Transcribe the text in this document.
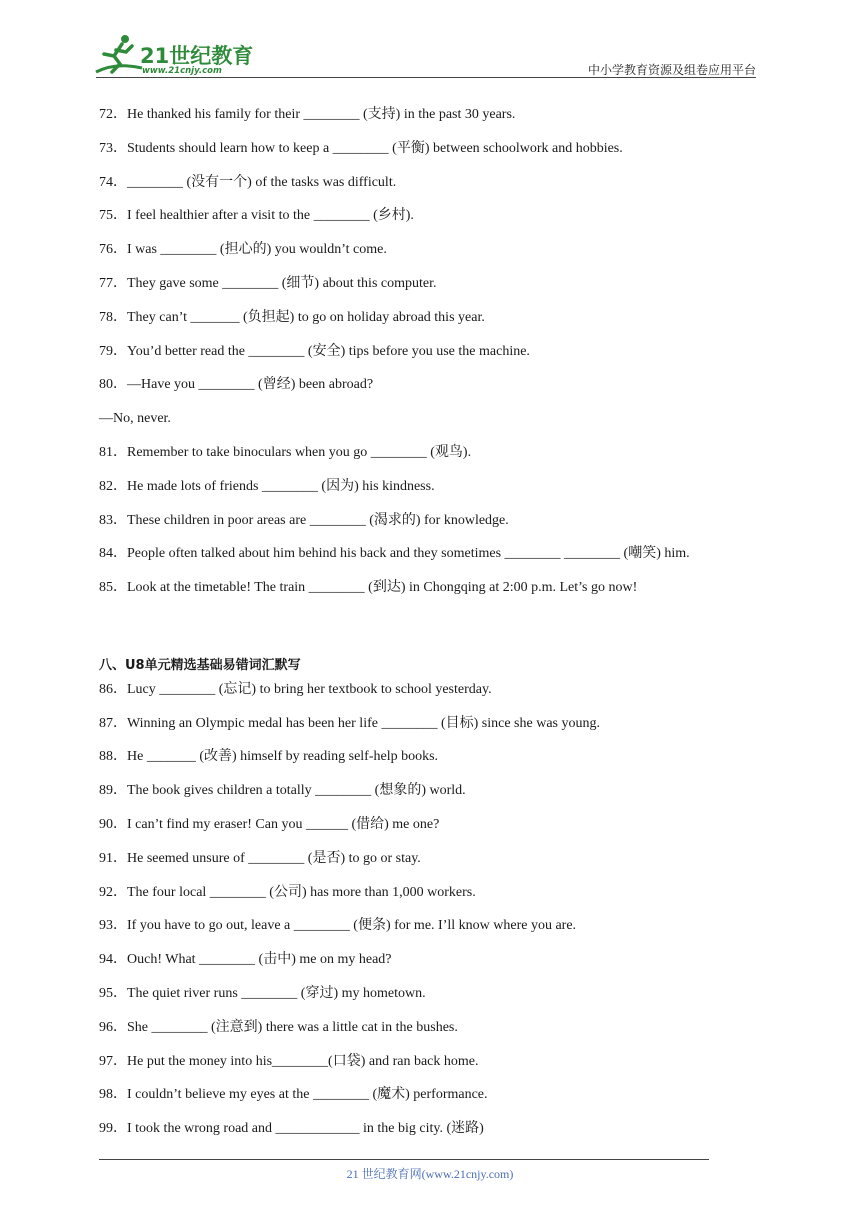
21世纪教育
www.21cnjy.com	中小学教育资源及组卷应用平台
72．He thanked his family for their ________ (支持) in the past 30 years.
73．Students should learn how to keep a ________ (平衡) between schoolwork and hobbies.
74．________ (没有一个) of the tasks was difficult.
75．I feel healthier after a visit to the ________ (乡村).
76．I was ________ (担心的) you wouldn’t come.
77．They gave some ________ (细节) about this computer.
78．They can’t _______ (负担起) to go on holiday abroad this year.
79．You’d better read the ________ (安全) tips before you use the machine.
80．—Have you ________ (曾经) been abroad?
—No, never.
81．Remember to take binoculars when you go ________ (观鸟).
82．He made lots of friends ________ (因为) his kindness.
83．These children in poor areas are ________ (渴求的) for knowledge.
84．People often talked about him behind his back and they sometimes ________ ________ (嘲笑) him.
85．Look at the timetable! The train ________ (到达) in Chongqing at 2:00 p.m. Let’s go now!
八、U8单元精选基础易错词汇默写
86．Lucy ________ (忘记) to bring her textbook to school yesterday.
87．Winning an Olympic medal has been her life ________ (目标) since she was young.
88．He _______ (改善) himself by reading self-help books.
89．The book gives children a totally ________ (想象的) world.
90．I can’t find my eraser! Can you ______ (借给) me one?
91．He seemed unsure of ________ (是否) to go or stay.
92．The four local ________ (公司) has more than 1,000 workers.
93．If you have to go out, leave a ________ (便条) for me. I’ll know where you are.
94．Ouch! What ________ (击中) me on my head?
95．The quiet river runs ________ (穿过) my hometown.
96．She ________ (注意到) there was a little cat in the bushes.
97．He put the money into his________(口袋) and ran back home.
98．I couldn’t believe my eyes at the ________ (魔术) performance.
99．I took the wrong road and ____________ in the big city. (迷路)
21 世纪教育网(www.21cnjy.com)
